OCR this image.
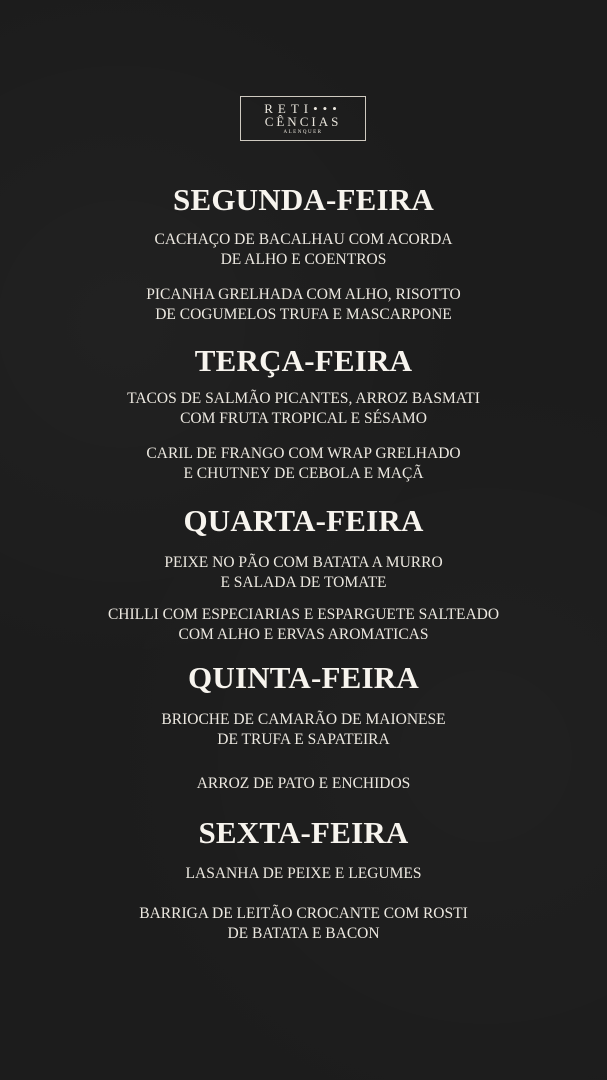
RETI•••
CÊNCIAS
ALENQUER
SEGUNDA-FEIRA
CACHAÇO DE BACALHAU COM ACORDA
DE ALHO E COENTROS
PICANHA GRELHADA COM ALHO, RISOTTO
DE COGUMELOS TRUFA E MASCARPONE
TERÇA-FEIRA
TACOS DE SALMÃO PICANTES, ARROZ BASMATI
COM FRUTA TROPICAL E SÉSAMO
CARIL DE FRANGO COM WRAP GRELHADO
E CHUTNEY DE CEBOLA E MAÇÃ
QUARTA-FEIRA
PEIXE NO PÃO COM BATATA A MURRO
E SALADA DE TOMATE
CHILLI COM ESPECIARIAS E ESPARGUETE SALTEADO
COM ALHO E ERVAS AROMATICAS
QUINTA-FEIRA
BRIOCHE DE CAMARÃO DE MAIONESE
DE TRUFA E SAPATEIRA
ARROZ DE PATO E ENCHIDOS
SEXTA-FEIRA
LASANHA DE PEIXE E LEGUMES
BARRIGA DE LEITÃO CROCANTE COM ROSTI
DE BATATA E BACON
